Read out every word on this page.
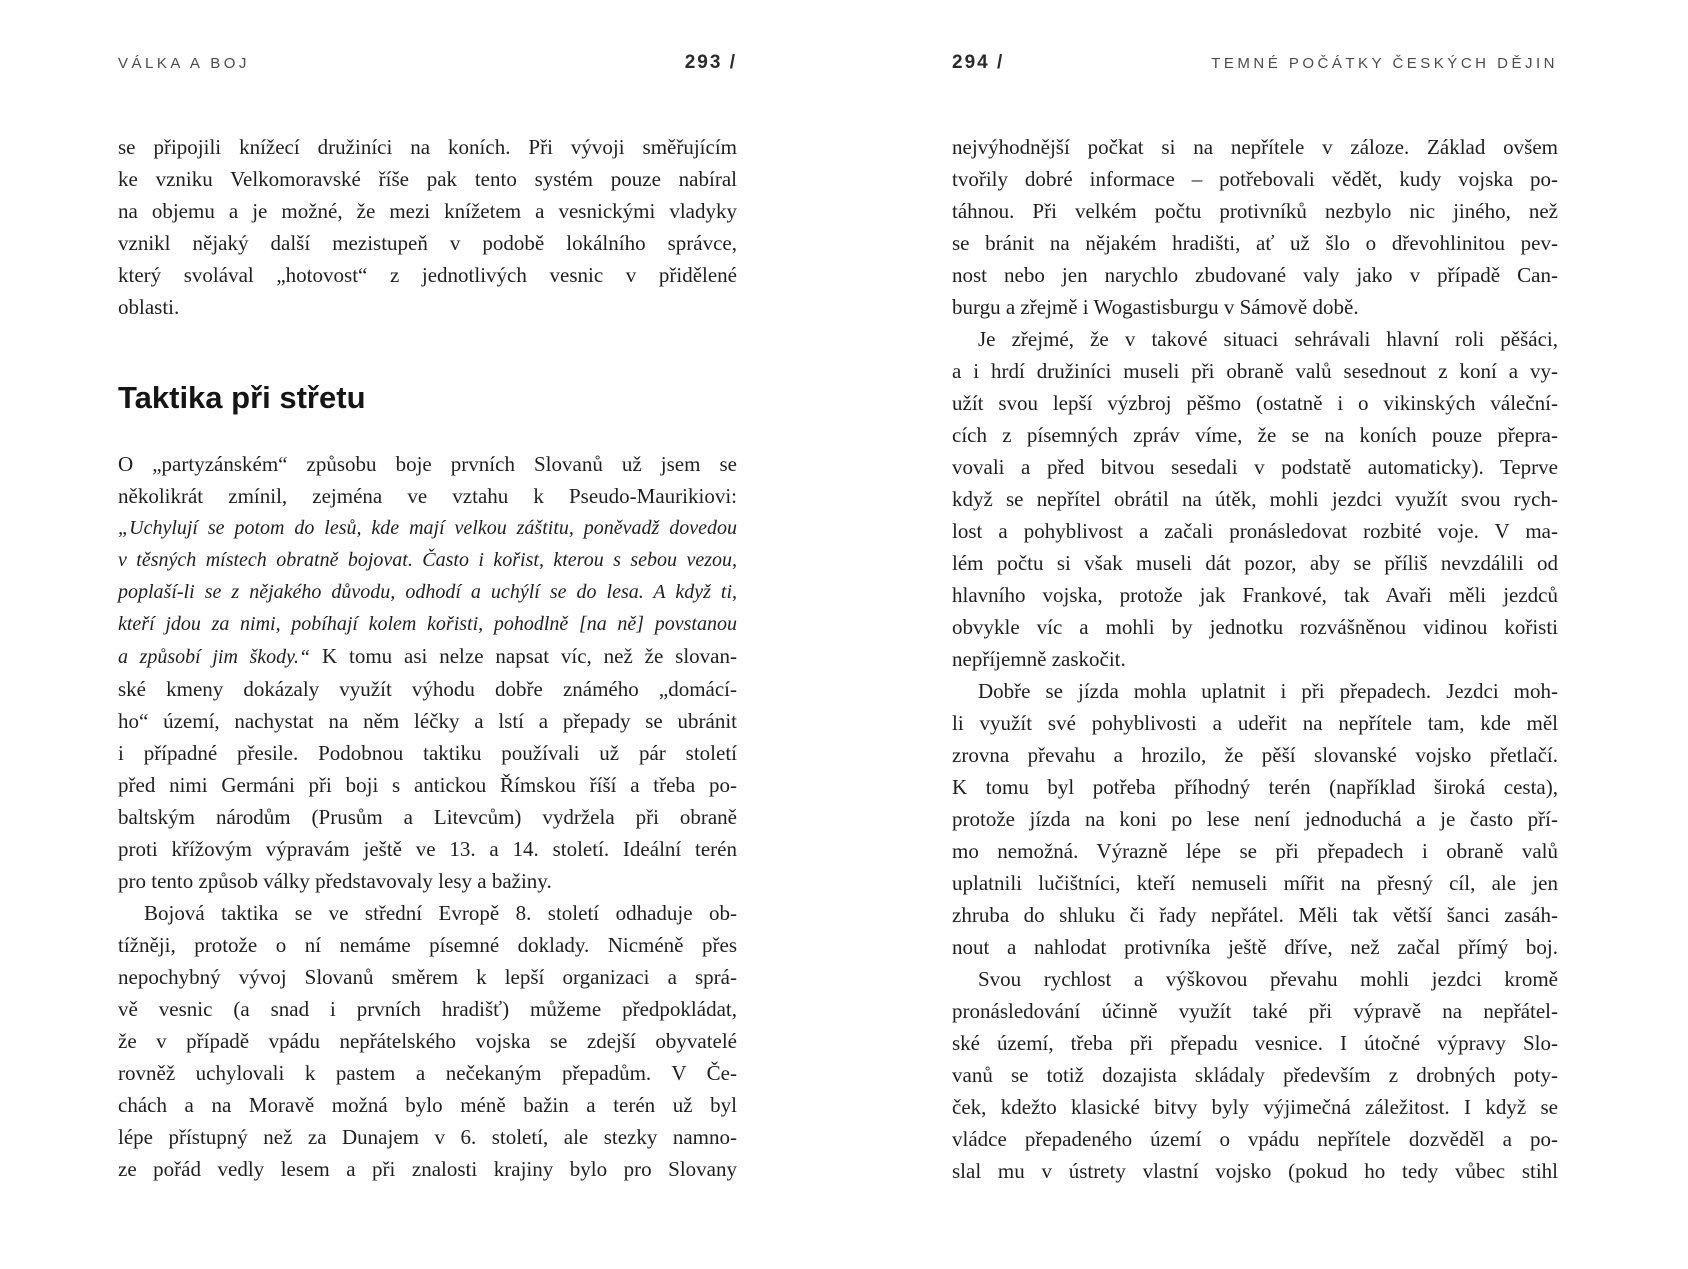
VÁLKA A BOJ	293 /
se připojili knížecí družiníci na koních. Při vývoji směřujícím
ke vzniku Velkomoravské říše pak tento systém pouze nabíral
na objemu a je možné, že mezi knížetem a vesnickými vladyky
vznikl nějaký další mezistupeň v podobě lokálního správce,
který svolával „hotovost“ z jednotlivých vesnic v přidělené
oblasti.
Taktika při střetu
O „partyzánském“ způsobu boje prvních Slovanů už jsem se
několikrát zmínil, zejména ve vztahu k Pseudo-Maurikiovi:
„Uchylují se potom do lesů, kde mají velkou záštitu, poněvadž dovedou
v těsných místech obratně bojovat. Často i kořist, kterou s sebou vezou,
poplaší-li se z nějakého důvodu, odhodí a uchýlí se do lesa. A když ti,
kteří jdou za nimi, pobíhají kolem kořisti, pohodlně [na ně] povstanou
a způsobí jim škody.“ K tomu asi nelze napsat víc, než že slovan-
ské kmeny dokázaly využít výhodu dobře známého „domácí-
ho“ území, nachystat na něm léčky a lstí a přepady se ubránit
i případné přesile. Podobnou taktiku používali už pár století
před nimi Germáni při boji s antickou Římskou říší a třeba po-
baltským národům (Prusům a Litevcům) vydržela při obraně
proti křížovým výpravám ještě ve 13. a 14. století. Ideální terén
pro tento způsob války představovaly lesy a bažiny.
Bojová taktika se ve střední Evropě 8. století odhaduje ob-
tížněji, protože o ní nemáme písemné doklady. Nicméně přes
nepochybný vývoj Slovanů směrem k lepší organizaci a sprá-
vě vesnic (a snad i prvních hradišť) můžeme předpokládat,
že v případě vpádu nepřátelského vojska se zdejší obyvatelé
rovněž uchylovali k pastem a nečekaným přepadům. V Če-
chách a na Moravě možná bylo méně bažin a terén už byl
lépe přístupný než za Dunajem v 6. století, ale stezky namno-
ze pořád vedly lesem a při znalosti krajiny bylo pro Slovany
294 /	TEMNÉ POČÁTKY ČESKÝCH DĚJIN
nejvýhodnější počkat si na nepřítele v záloze. Základ ovšem
tvořily dobré informace – potřebovali vědět, kudy vojska po-
táhnou. Při velkém počtu protivníků nezbylo nic jiného, než
se bránit na nějakém hradišti, ať už šlo o dřevohlinitou pev-
nost nebo jen narychlo zbudované valy jako v případě Can-
burgu a zřejmě i Wogastisburgu v Sámově době.
Je zřejmé, že v takové situaci sehrávali hlavní roli pěšáci,
a i hrdí družiníci museli při obraně valů sesednout z koní a vy-
užít svou lepší výzbroj pěšmo (ostatně i o vikinských váleční-
cích z písemných zpráv víme, že se na koních pouze přepra-
vovali a před bitvou sesedali v podstatě automaticky). Teprve
když se nepřítel obrátil na útěk, mohli jezdci využít svou rych-
lost a pohyblivost a začali pronásledovat rozbité voje. V ma-
lém počtu si však museli dát pozor, aby se příliš nevzdálili od
hlavního vojska, protože jak Frankové, tak Avaři měli jezdců
obvykle víc a mohli by jednotku rozvášněnou vidinou kořisti
nepříjemně zaskočit.
Dobře se jízda mohla uplatnit i při přepadech. Jezdci moh-
li využít své pohyblivosti a udeřit na nepřítele tam, kde měl
zrovna převahu a hrozilo, že pěší slovanské vojsko přetlačí.
K tomu byl potřeba příhodný terén (například široká cesta),
protože jízda na koni po lese není jednoduchá a je často pří-
mo nemožná. Výrazně lépe se při přepadech i obraně valů
uplatnili lučištníci, kteří nemuseli mířit na přesný cíl, ale jen
zhruba do shluku či řady nepřátel. Měli tak větší šanci zasáh-
nout a nahlodat protivníka ještě dříve, než začal přímý boj.
Svou rychlost a výškovou převahu mohli jezdci kromě
pronásledování účinně využít také při výpravě na nepřátel-
ské území, třeba při přepadu vesnice. I útočné výpravy Slo-
vanů se totiž dozajista skládaly především z drobných poty-
ček, kdežto klasické bitvy byly výjimečná záležitost. I když se
vládce přepadeného území o vpádu nepřítele dozvěděl a po-
slal mu v ústrety vlastní vojsko (pokud ho tedy vůbec stihl
